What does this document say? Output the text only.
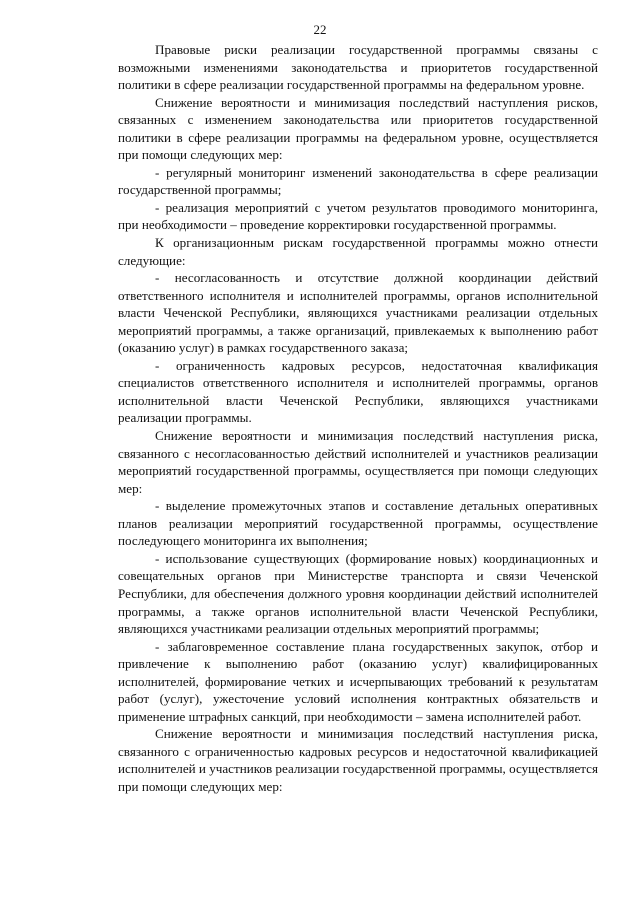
22

Правовые риски реализации государственной программы связаны с возможными изменениями законодательства и приоритетов государственной политики в сфере реализации государственной программы на федеральном уровне.

Снижение вероятности и минимизация последствий наступления рисков, связанных с изменением законодательства или приоритетов государственной политики в сфере реализации программы на федеральном уровне, осуществляется при помощи следующих мер:

- регулярный мониторинг изменений законодательства в сфере реализации государственной программы;

- реализация мероприятий с учетом результатов проводимого мониторинга, при необходимости – проведение корректировки государственной программы.

К организационным рискам государственной программы можно отнести следующие:

- несогласованность и отсутствие должной координации действий ответственного исполнителя и исполнителей программы, органов исполнительной власти Чеченской Республики, являющихся участниками реализации отдельных мероприятий программы, а также организаций, привлекаемых к выполнению работ (оказанию услуг) в рамках государственного заказа;

- ограниченность кадровых ресурсов, недостаточная квалификация специалистов ответственного исполнителя и исполнителей программы, органов исполнительной власти Чеченской Республики, являющихся участниками реализации программы.

Снижение вероятности и минимизация последствий наступления риска, связанного с несогласованностью действий исполнителей и участников реализации мероприятий государственной программы, осуществляется при помощи следующих мер:

- выделение промежуточных этапов и составление детальных оперативных планов реализации мероприятий государственной программы, осуществление последующего мониторинга их выполнения;

- использование существующих (формирование новых) координационных и совещательных органов при Министерстве транспорта и связи Чеченской Республики, для обеспечения должного уровня координации действий исполнителей программы, а также органов исполнительной власти Чеченской Республики, являющихся участниками реализации отдельных мероприятий программы;

- заблаговременное составление плана государственных закупок, отбор и привлечение к выполнению работ (оказанию услуг) квалифицированных исполнителей, формирование четких и исчерпывающих требований к результатам работ (услуг), ужесточение условий исполнения контрактных обязательств и применение штрафных санкций, при необходимости – замена исполнителей работ.

Снижение вероятности и минимизация последствий наступления риска, связанного с ограниченностью кадровых ресурсов и недостаточной квалификацией исполнителей и участников реализации государственной программы, осуществляется при помощи следующих мер:
